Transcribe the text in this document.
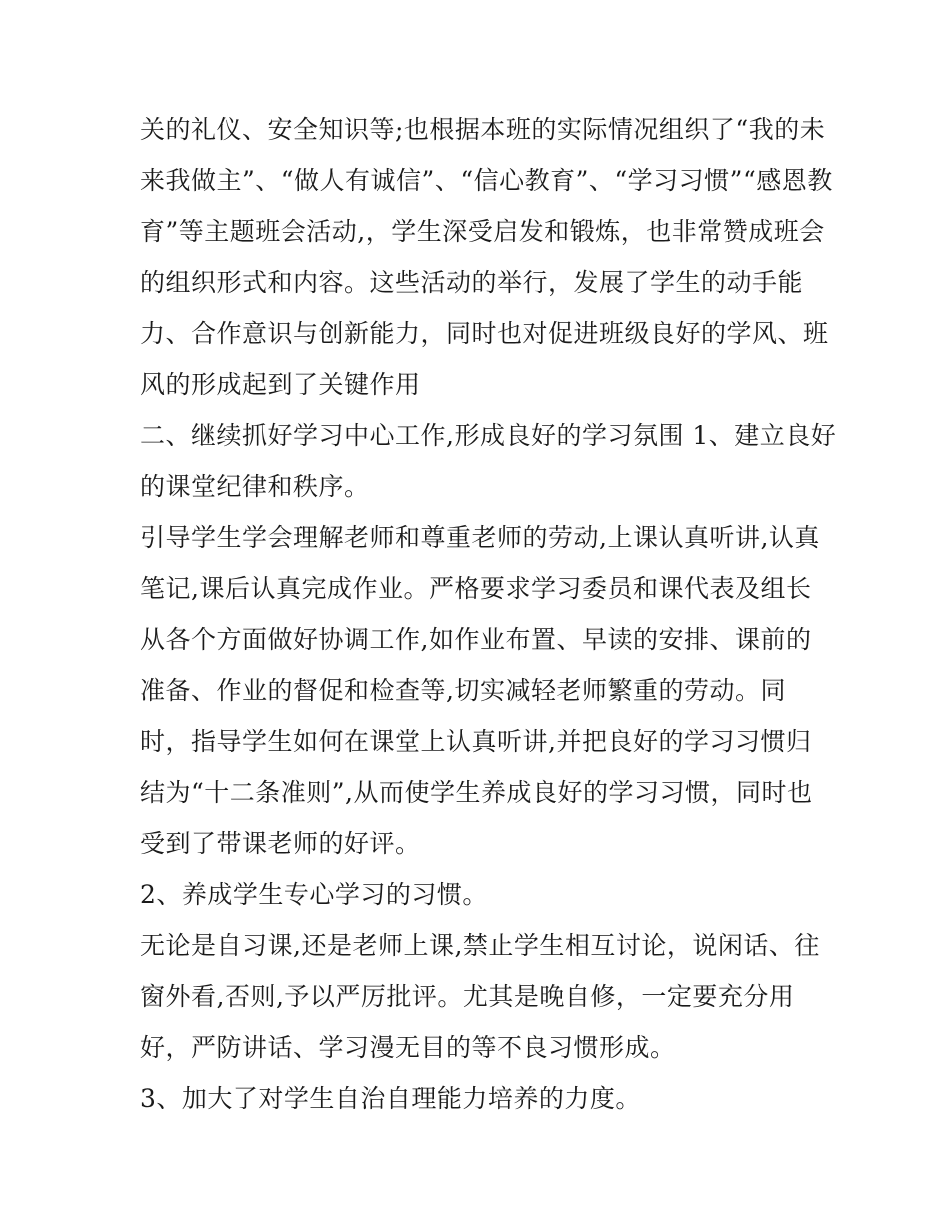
关的礼仪、安全知识等;也根据本班的实际情况组织了“我的未
来我做主”、“做人有诚信”、“信心教育”、“学习习惯”“感恩教
育”等主题班会活动,，学生深受启发和锻炼，也非常赞成班会
的组织形式和内容。这些活动的举行，发展了学生的动手能
力、合作意识与创新能力，同时也对促进班级良好的学风、班
风的形成起到了关键作用
二、继续抓好学习中心工作,形成良好的学习氛围 1、建立良好
的课堂纪律和秩序。
引导学生学会理解老师和尊重老师的劳动,上课认真听讲,认真
笔记,课后认真完成作业。严格要求学习委员和课代表及组长
从各个方面做好协调工作,如作业布置、早读的安排、课前的
准备、作业的督促和检查等,切实减轻老师繁重的劳动。同
时，指导学生如何在课堂上认真听讲,并把良好的学习习惯归
结为“十二条准则”,从而使学生养成良好的学习习惯，同时也
受到了带课老师的好评。
2、养成学生专心学习的习惯。
无论是自习课,还是老师上课,禁止学生相互讨论，说闲话、往
窗外看,否则,予以严厉批评。尤其是晚自修，一定要充分用
好，严防讲话、学习漫无目的等不良习惯形成。
3、加大了对学生自治自理能力培养的力度。
